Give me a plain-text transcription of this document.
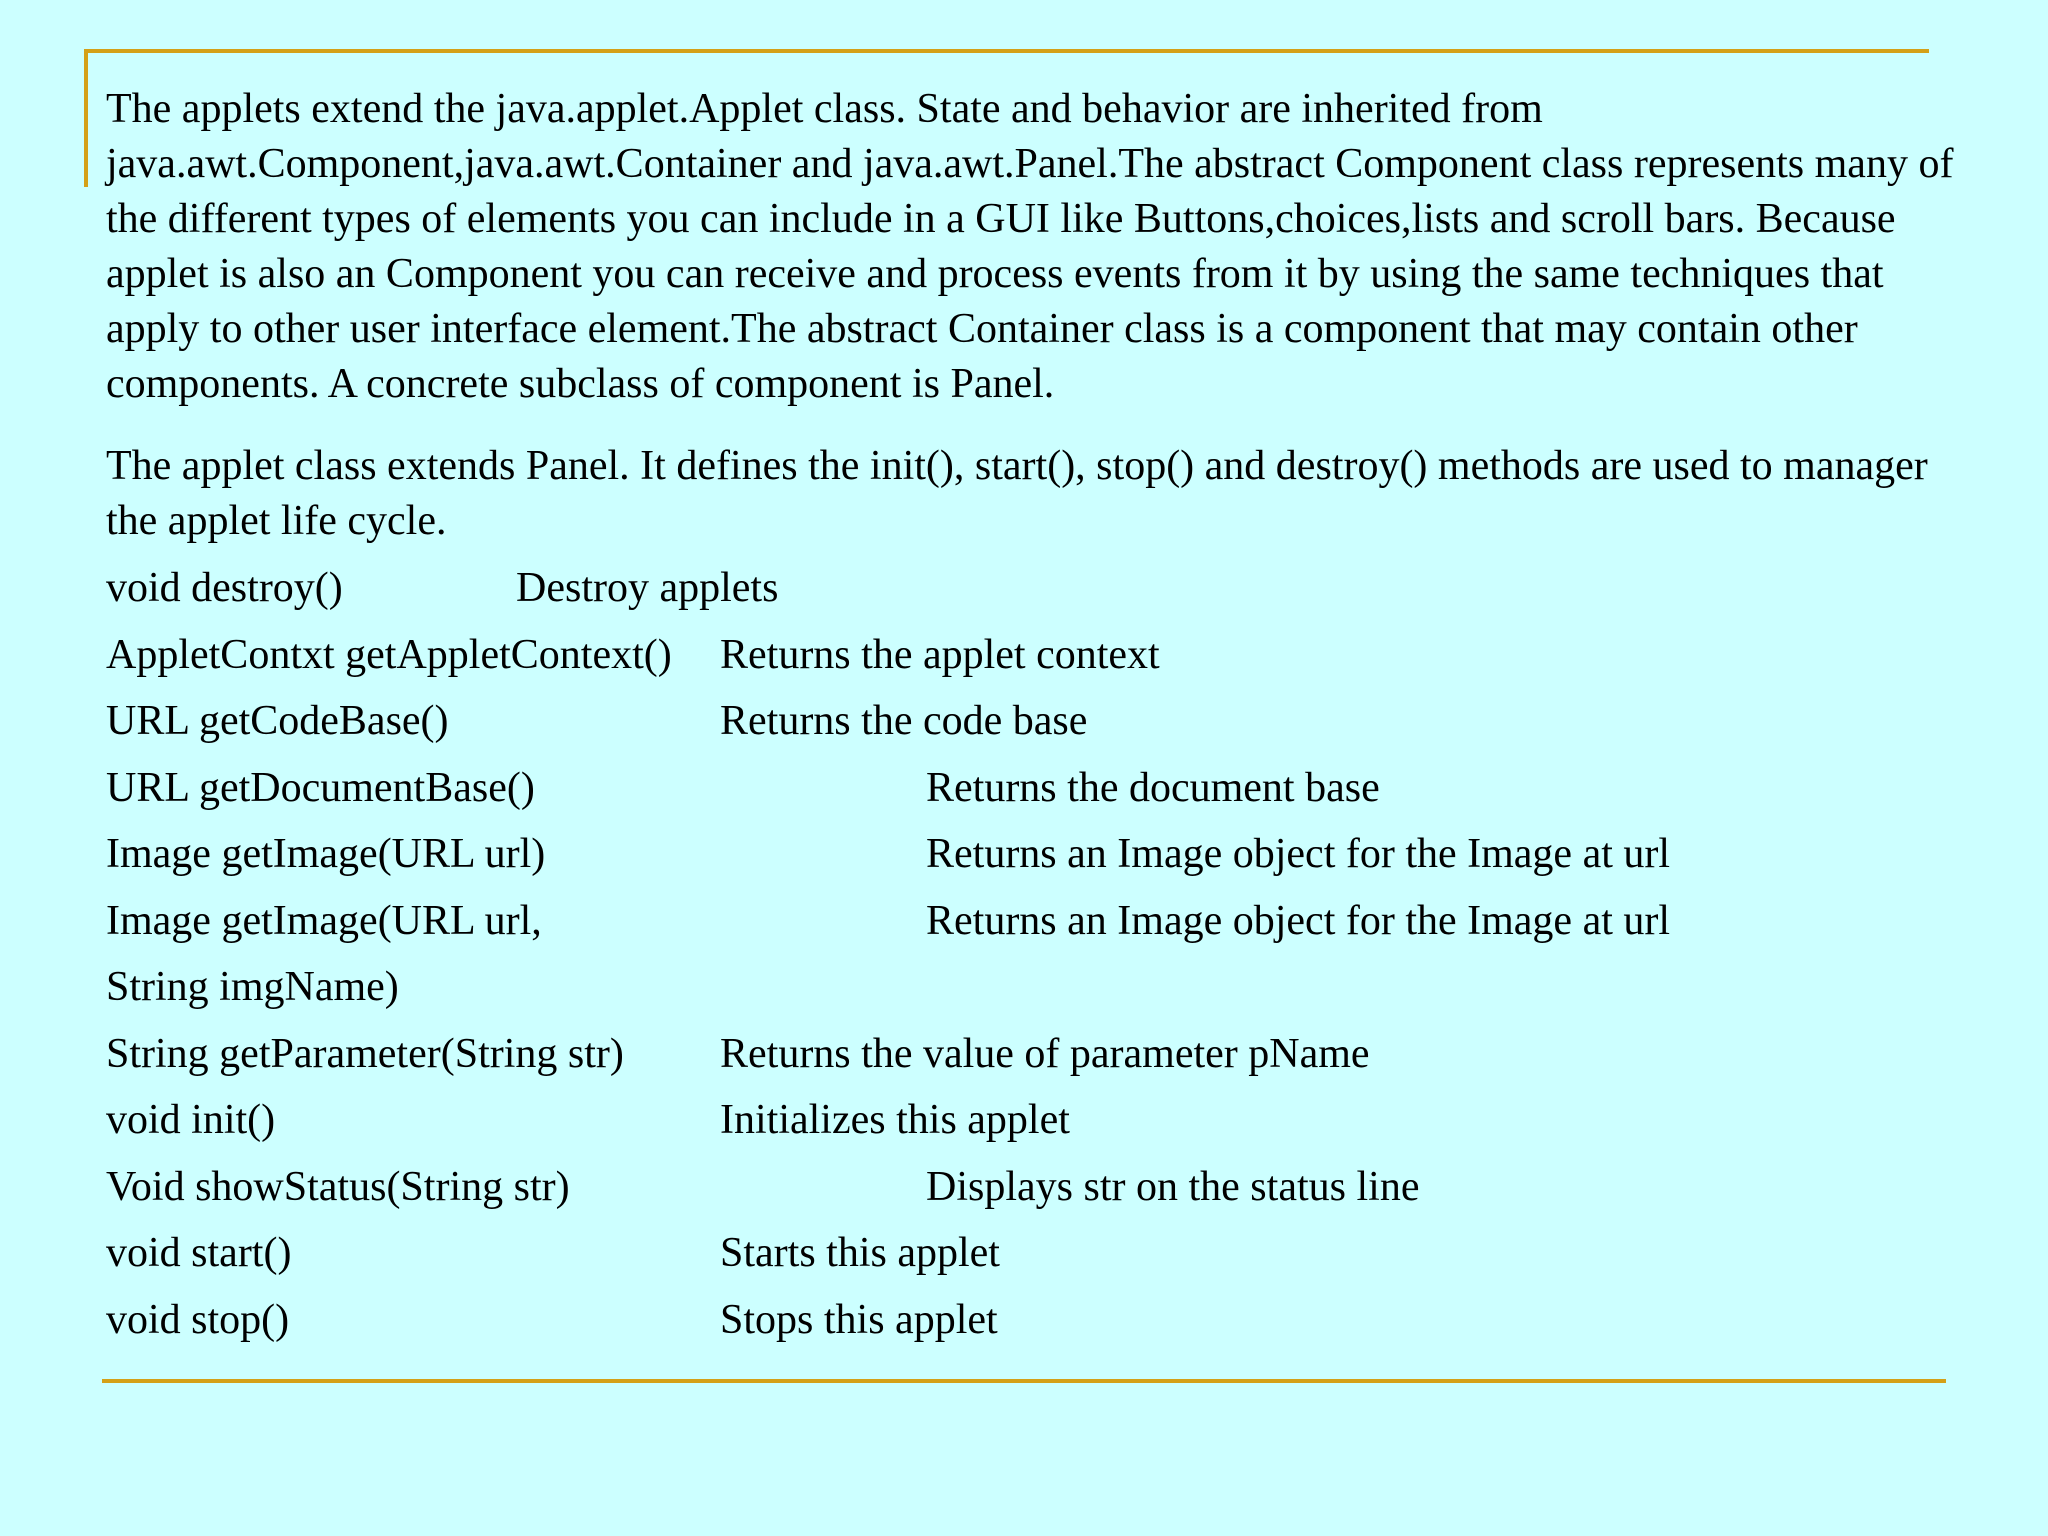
The applets extend the java.applet.Applet class. State and behavior are inherited from java.awt.Component,java.awt.Container and java.awt.Panel.The abstract Component class represents many of the different types of elements you can include in a GUI like Buttons,choices,lists and scroll bars. Because applet is also an Component you can receive and process events from it by using the same techniques that apply to other user interface element.The abstract Container class is a component that may contain other components. A concrete subclass of component is Panel.

The applet class extends Panel. It defines the init(), start(), stop() and destroy() methods are used to manager the applet life cycle.

void destroy()	Destroy applets
AppletContxt getAppletContext() Returns the applet context
URL getCodeBase()	Returns the code base
URL getDocumentBase()	Returns the document base
Image getImage(URL url)	Returns an Image object for the Image at url
Image getImage(URL url,	Returns an Image object for the Image at url
String imgName)
String getParameter(String str) Returns the value of parameter pName
void init()	Initializes this applet
Void showStatus(String str)	Displays str on the status line
void start()	Starts this applet
void stop()	Stops this applet
